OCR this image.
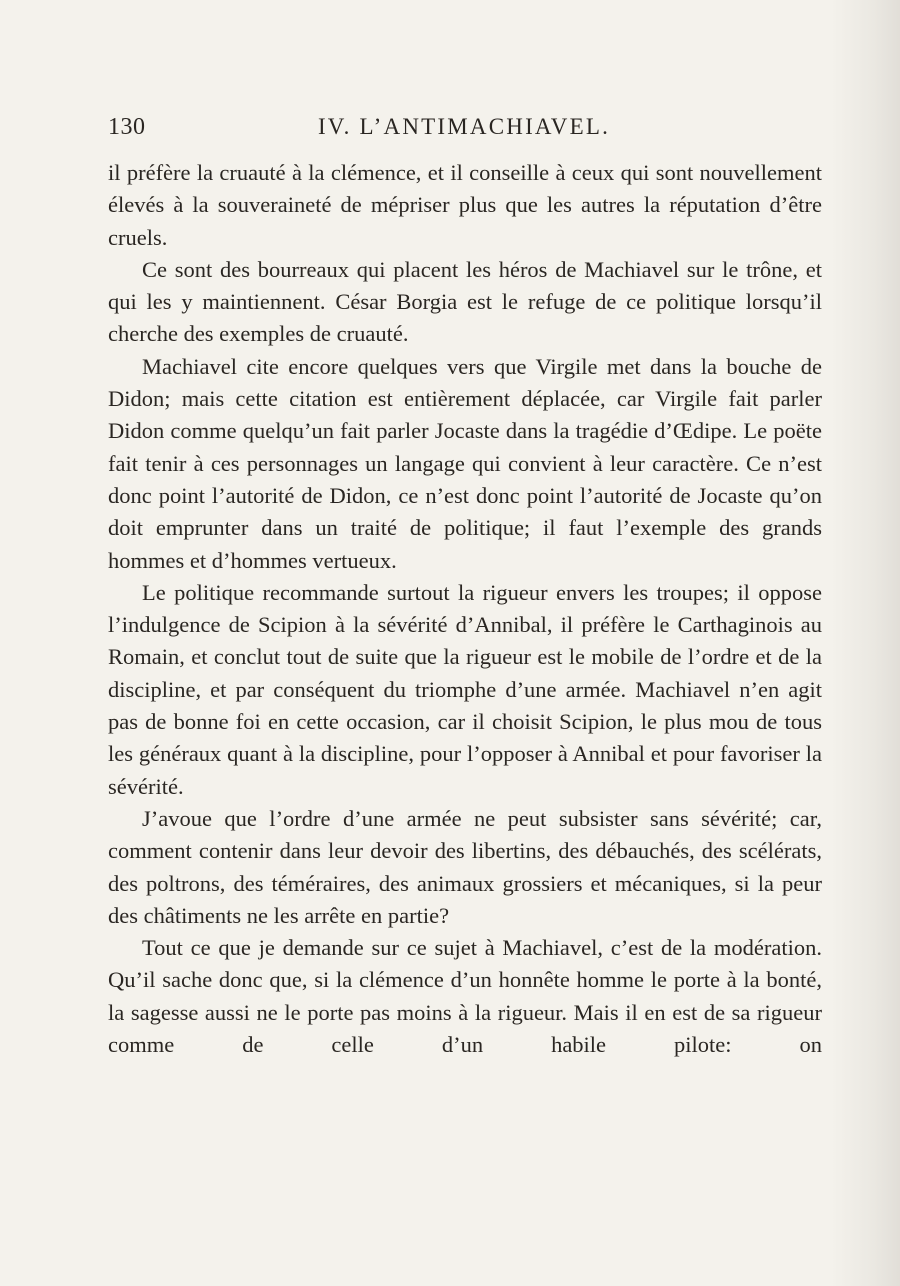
130	IV. L’ANTIMACHIAVEL.

il préfère la cruauté à la clémence, et il conseille à ceux qui sont nouvellement élevés à la souveraineté de mépriser plus que les autres la réputation d’être cruels.

Ce sont des bourreaux qui placent les héros de Machiavel sur le trône, et qui les y maintiennent. César Borgia est le refuge de ce politique lorsqu’il cherche des exemples de cruauté.

Machiavel cite encore quelques vers que Virgile met dans la bouche de Didon; mais cette citation est entièrement déplacée, car Virgile fait parler Didon comme quelqu’un fait parler Jocaste dans la tragédie d’Œdipe. Le poëte fait tenir à ces personnages un langage qui convient à leur caractère. Ce n’est donc point l’autorité de Didon, ce n’est donc point l’autorité de Jocaste qu’on doit emprunter dans un traité de politique; il faut l’exemple des grands hommes et d’hommes vertueux.

Le politique recommande surtout la rigueur envers les troupes; il oppose l’indulgence de Scipion à la sévérité d’Annibal, il préfère le Carthaginois au Romain, et conclut tout de suite que la rigueur est le mobile de l’ordre et de la discipline, et par conséquent du triomphe d’une armée. Machiavel n’en agit pas de bonne foi en cette occasion, car il choisit Scipion, le plus mou de tous les généraux quant à la discipline, pour l’opposer à Annibal et pour favoriser la sévérité.

J’avoue que l’ordre d’une armée ne peut subsister sans sévérité; car, comment contenir dans leur devoir des libertins, des débauchés, des scélérats, des poltrons, des téméraires, des animaux grossiers et mécaniques, si la peur des châtiments ne les arrête en partie?

Tout ce que je demande sur ce sujet à Machiavel, c’est de la modération. Qu’il sache donc que, si la clémence d’un honnête homme le porte à la bonté, la sagesse aussi ne le porte pas moins à la rigueur. Mais il en est de sa rigueur comme de celle d’un habile pilote: on
